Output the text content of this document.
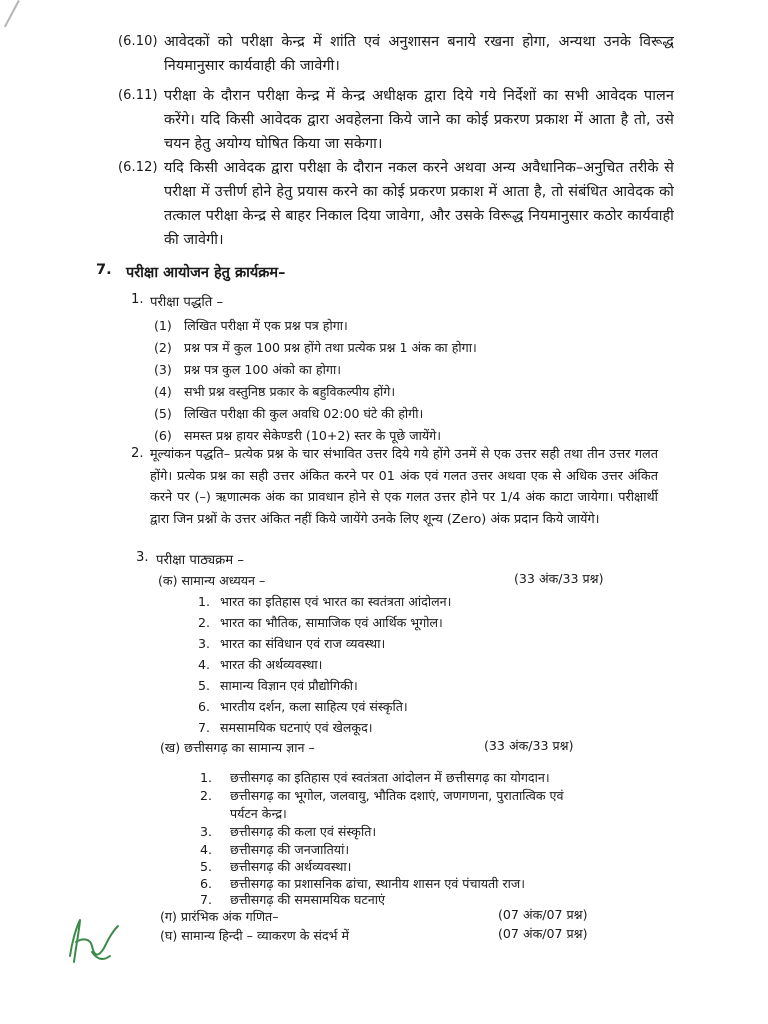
(6.10) आवेदकों को परीक्षा केन्द्र में शांति एवं अनुशासन बनाये रखना होगा, अन्यथा उनके विरूद्ध नियमानुसार कार्यवाही की जावेगी।
(6.11) परीक्षा के दौरान परीक्षा केन्द्र में केन्द्र अधीक्षक द्वारा दिये गये निर्देशों का सभी आवेदक पालन करेंगे। यदि किसी आवेदक द्वारा अवहेलना किये जाने का कोई प्रकरण प्रकाश में आता है तो, उसे चयन हेतु अयोग्य घोषित किया जा सकेगा।
(6.12) यदि किसी आवेदक द्वारा परीक्षा के दौरान नकल करने अथवा अन्य अवैधानिक–अनुचित तरीके से परीक्षा में उत्तीर्ण होने हेतु प्रयास करने का कोई प्रकरण प्रकाश में आता है, तो संबंधित आवेदक को तत्काल परीक्षा केन्द्र से बाहर निकाल दिया जावेगा, और उसके विरूद्ध नियमानुसार कठोर कार्यवाही की जावेगी।
7. परीक्षा आयोजन हेतु क्रार्यक्रम–
1. परीक्षा पद्धति –
(1) लिखित परीक्षा में एक प्रश्न पत्र होगा।
(2) प्रश्न पत्र में कुल 100 प्रश्न होंगे तथा प्रत्येक प्रश्न 1 अंक का होगा।
(3) प्रश्न पत्र कुल 100 अंको का होगा।
(4) सभी प्रश्न वस्तुनिष्ठ प्रकार के बहुविकल्पीय होंगे।
(5) लिखित परीक्षा की कुल अवधि 02:00 घंटे की होगी।
(6) समस्त प्रश्न हायर सेकेण्डरी (10+2) स्तर के पूछे जायेंगे।
2. मूल्यांकन पद्धति– प्रत्येक प्रश्न के चार संभावित उत्तर दिये गये होंगे उनमें से एक उत्तर सही तथा तीन उत्तर गलत होंगे। प्रत्येक प्रश्न का सही उत्तर अंकित करने पर 01 अंक एवं गलत उत्तर अथवा एक से अधिक उत्तर अंकित करने पर (–) ऋणात्मक अंक का प्रावधान होने से एक गलत उत्तर होने पर 1/4 अंक काटा जायेगा। परीक्षार्थी द्वारा जिन प्रश्नों के उत्तर अंकित नहीं किये जायेंगे उनके लिए शून्य (Zero) अंक प्रदान किये जायेंगे।
3. परीक्षा पाठ्यक्रम –
(क) सामान्य अध्ययन –	(33 अंक/33 प्रश्न)
1. भारत का इतिहास एवं भारत का स्वतंत्रता आंदोलन।
2. भारत का भौतिक, सामाजिक एवं आर्थिक भूगोल।
3. भारत का संविधान एवं राज व्यवस्था।
4. भारत की अर्थव्यवस्था।
5. सामान्य विज्ञान एवं प्रौद्योगिकी।
6. भारतीय दर्शन, कला साहित्य एवं संस्कृति।
7. समसामयिक घटनाएं एवं खेलकूद।
(ख) छत्तीसगढ़ का सामान्य ज्ञान –	(33 अंक/33 प्रश्न)
1. छत्तीसगढ़ का इतिहास एवं स्वतंत्रता आंदोलन में छत्तीसगढ़ का योगदान।
2. छत्तीसगढ़ का भूगोल, जलवायु, भौतिक दशाएं, जणगणना, पुरातात्विक एवं
पर्यटन केन्द्र।
3. छत्तीसगढ़ की कला एवं संस्कृति।
4. छत्तीसगढ़ की जनजातियां।
5. छत्तीसगढ़ की अर्थव्यवस्था।
6. छत्तीसगढ़ का प्रशासनिक ढांचा, स्थानीय शासन एवं पंचायती राज।
7. छत्तीसगढ़ की समसामयिक घटनाएं
(ग) प्रारंभिक अंक गणित–	(07 अंक/07 प्रश्न)
(घ) सामान्य हिन्दी – व्याकरण के संदर्भ में	(07 अंक/07 प्रश्न)
